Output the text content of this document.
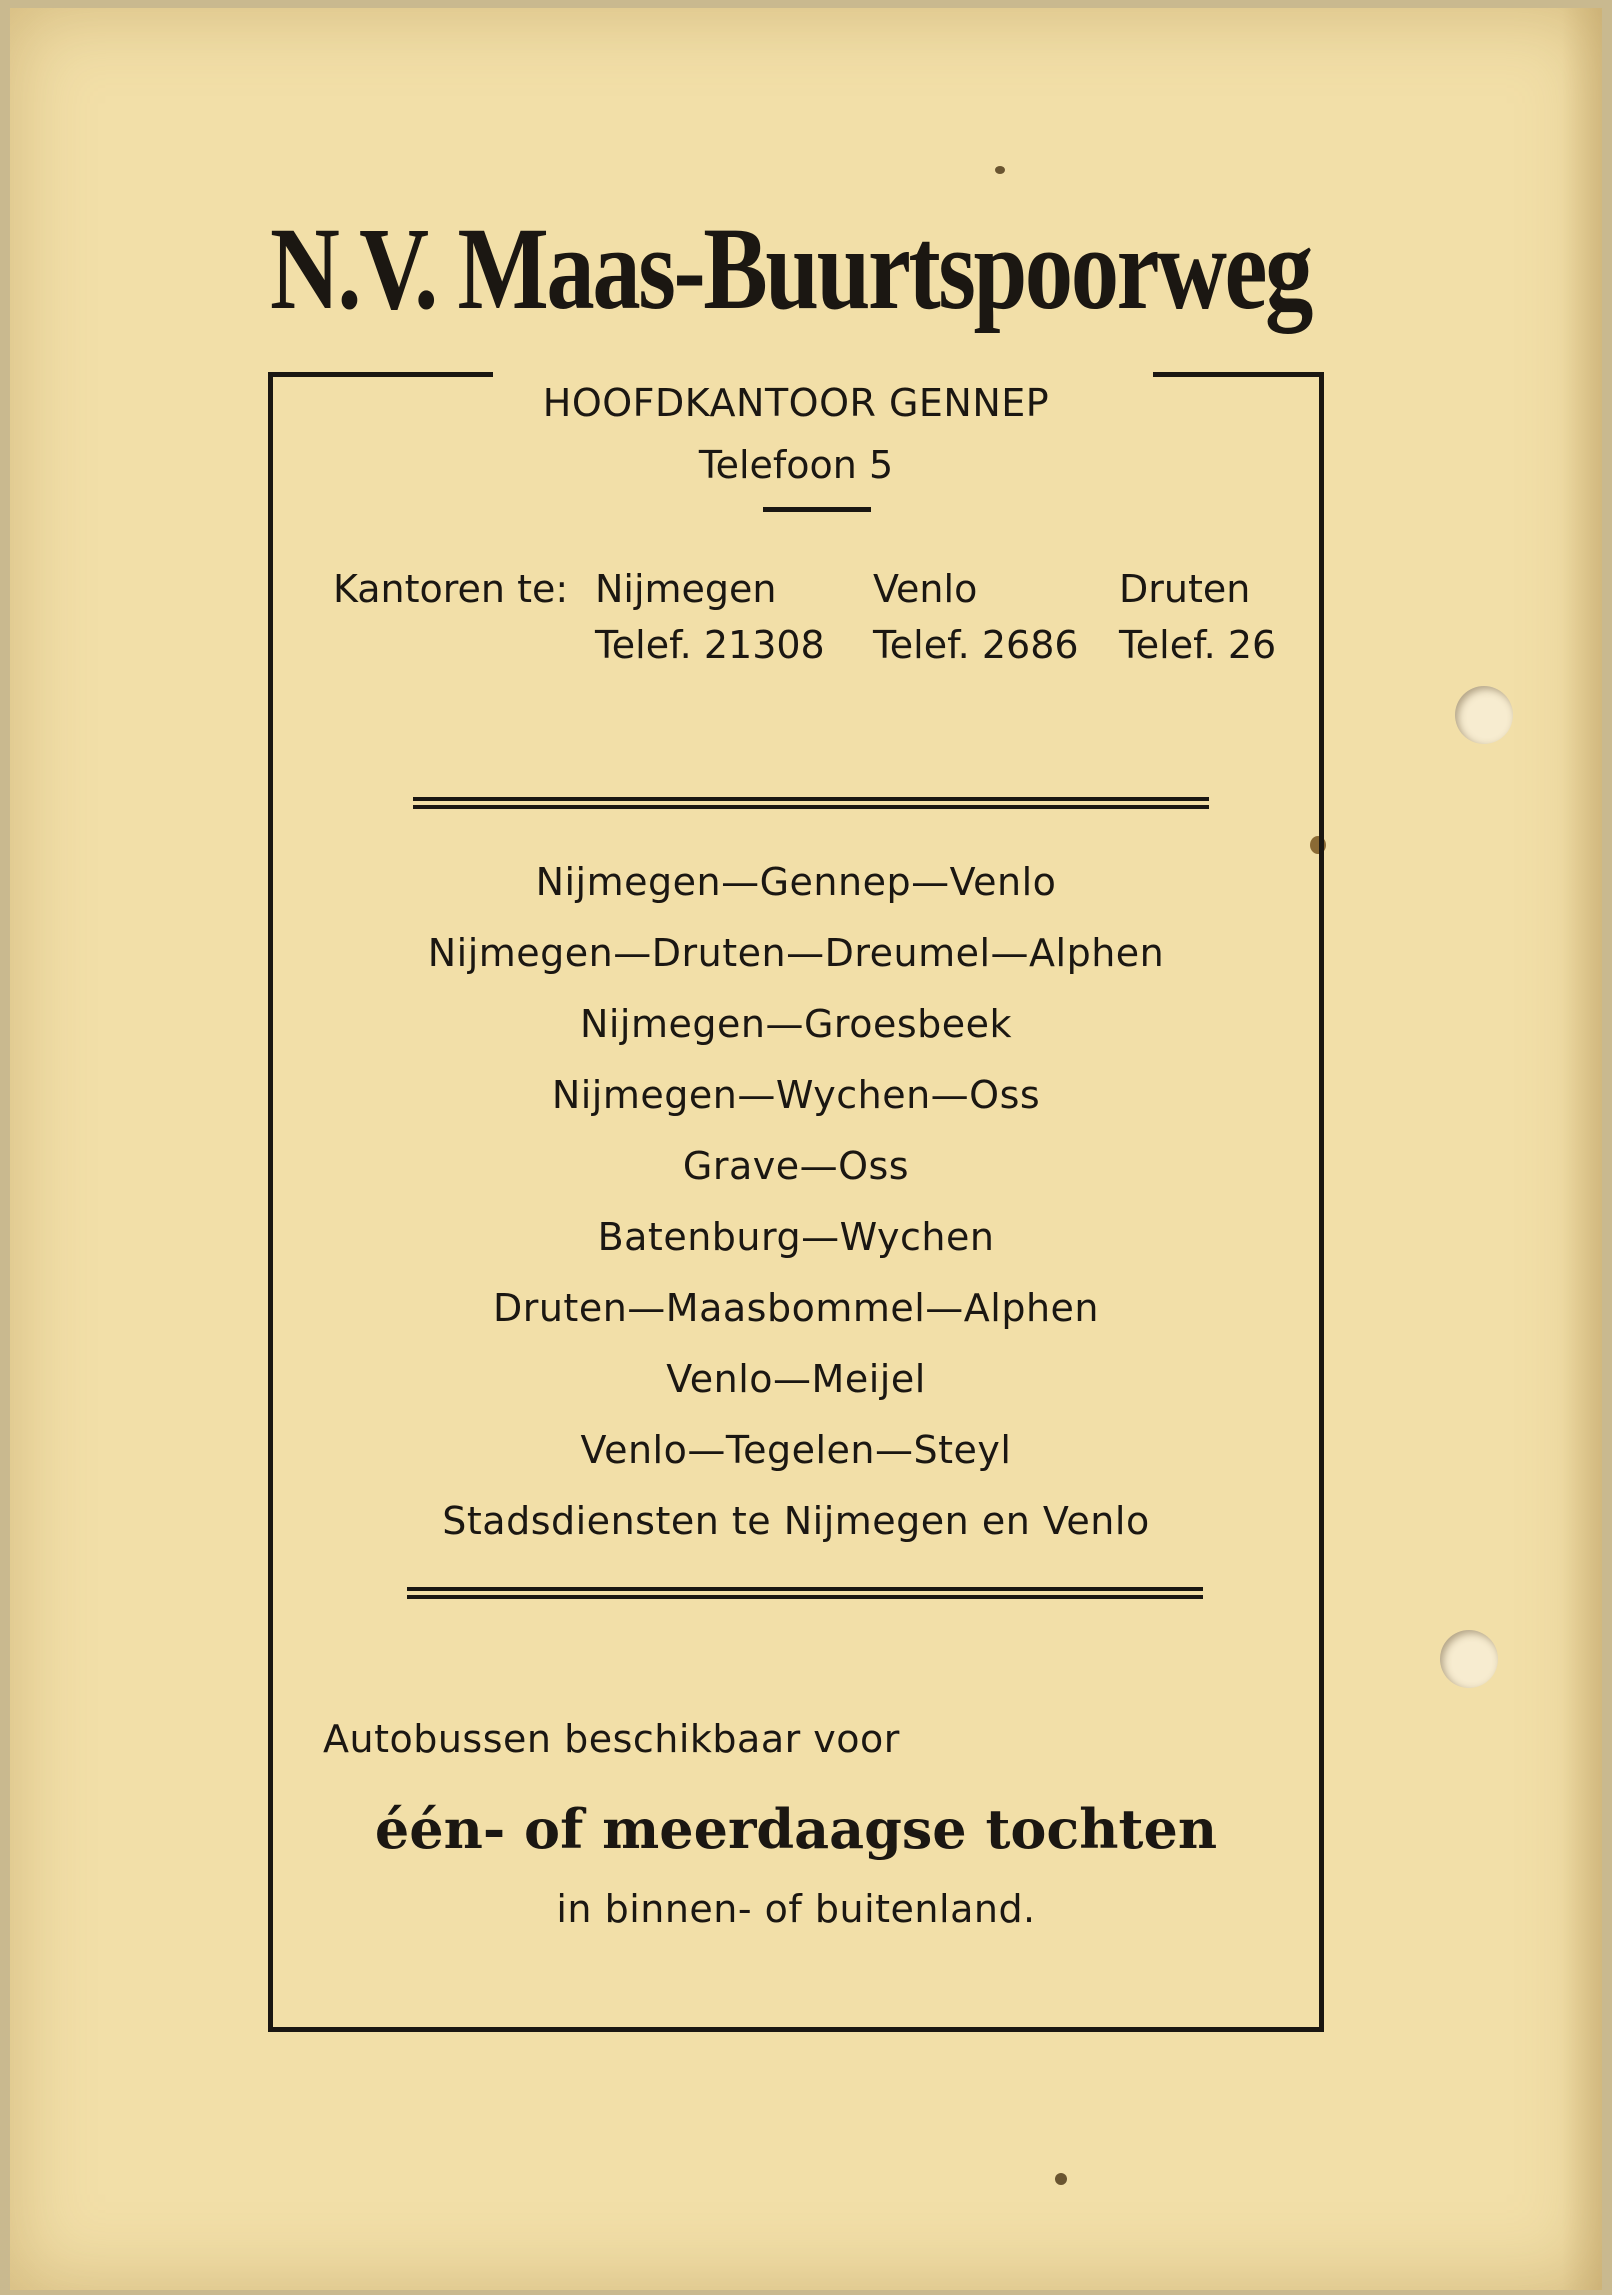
N.V. Maas-Buurtspoorweg
HOOFDKANTOOR GENNEP
Telefoon 5
Kantoren te: Nijmegen
Telef. 21308
Venlo
Telef. 2686
Druten
Telef. 26
Nijmegen—Gennep—Venlo
Nijmegen—Druten—Dreumel—Alphen
Nijmegen—Groesbeek
Nijmegen—Wychen—Oss
Grave—Oss
Batenburg—Wychen
Druten—Maasbommel—Alphen
Venlo—Meijel
Venlo—Tegelen—Steyl
Stadsdiensten te Nijmegen en Venlo
Autobussen beschikbaar voor
één- of meerdaagse tochten
in binnen- of buitenland.
